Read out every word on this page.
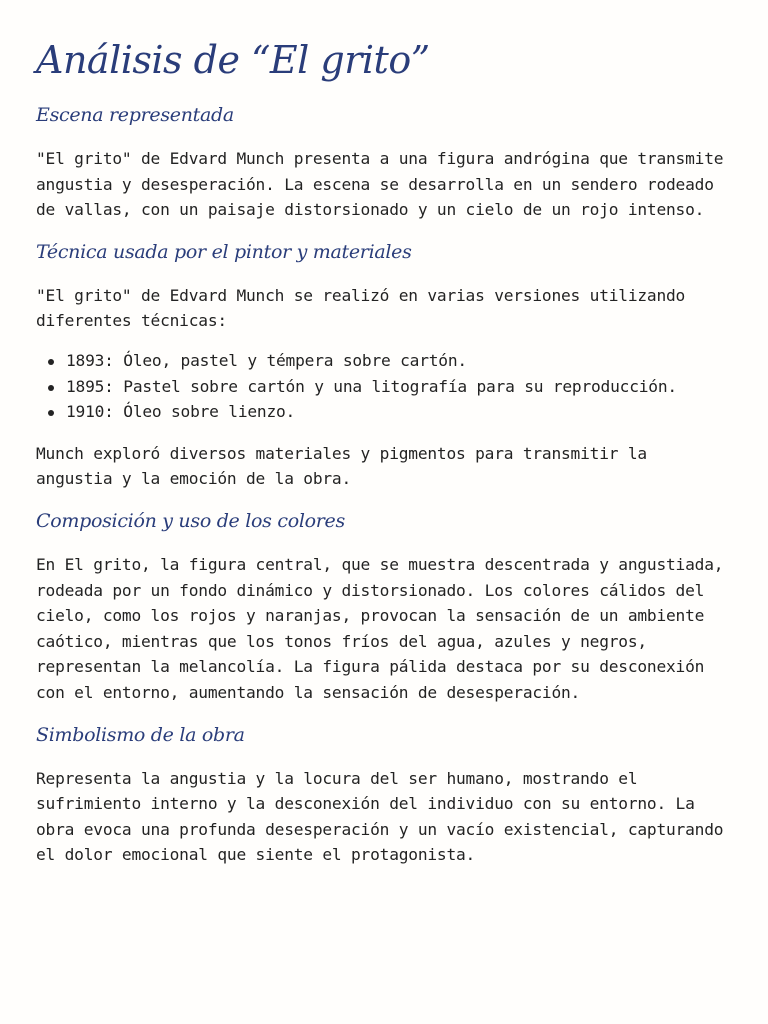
Análisis de “El grito”
Escena representada

"El grito" de Edvard Munch presenta a una figura andrógina que transmite angustia y desesperación. La escena se desarrolla en un sendero rodeado de vallas, con un paisaje distorsionado y un cielo de un rojo intenso.

Técnica usada por el pintor y materiales

"El grito" de Edvard Munch se realizó en varias versiones utilizando diferentes técnicas:

1893: Óleo, pastel y témpera sobre cartón.
1895: Pastel sobre cartón y una litografía para su reproducción.
1910: Óleo sobre lienzo.

Munch exploró diversos materiales y pigmentos para transmitir la angustia y la emoción de la obra.

Composición y uso de los colores

En El grito, la figura central, que se muestra descentrada y angustiada, rodeada por un fondo dinámico y distorsionado. Los colores cálidos del cielo, como los rojos y naranjas, provocan la sensación de un ambiente caótico, mientras que los tonos fríos del agua, azules y negros, representan la melancolía. La figura pálida destaca por su desconexión con el entorno, aumentando la sensación de desesperación.

Simbolismo de la obra

Representa la angustia y la locura del ser humano, mostrando el sufrimiento interno y la desconexión del individuo con su entorno. La obra evoca una profunda desesperación y un vacío existencial, capturando el dolor emocional que siente el protagonista.
